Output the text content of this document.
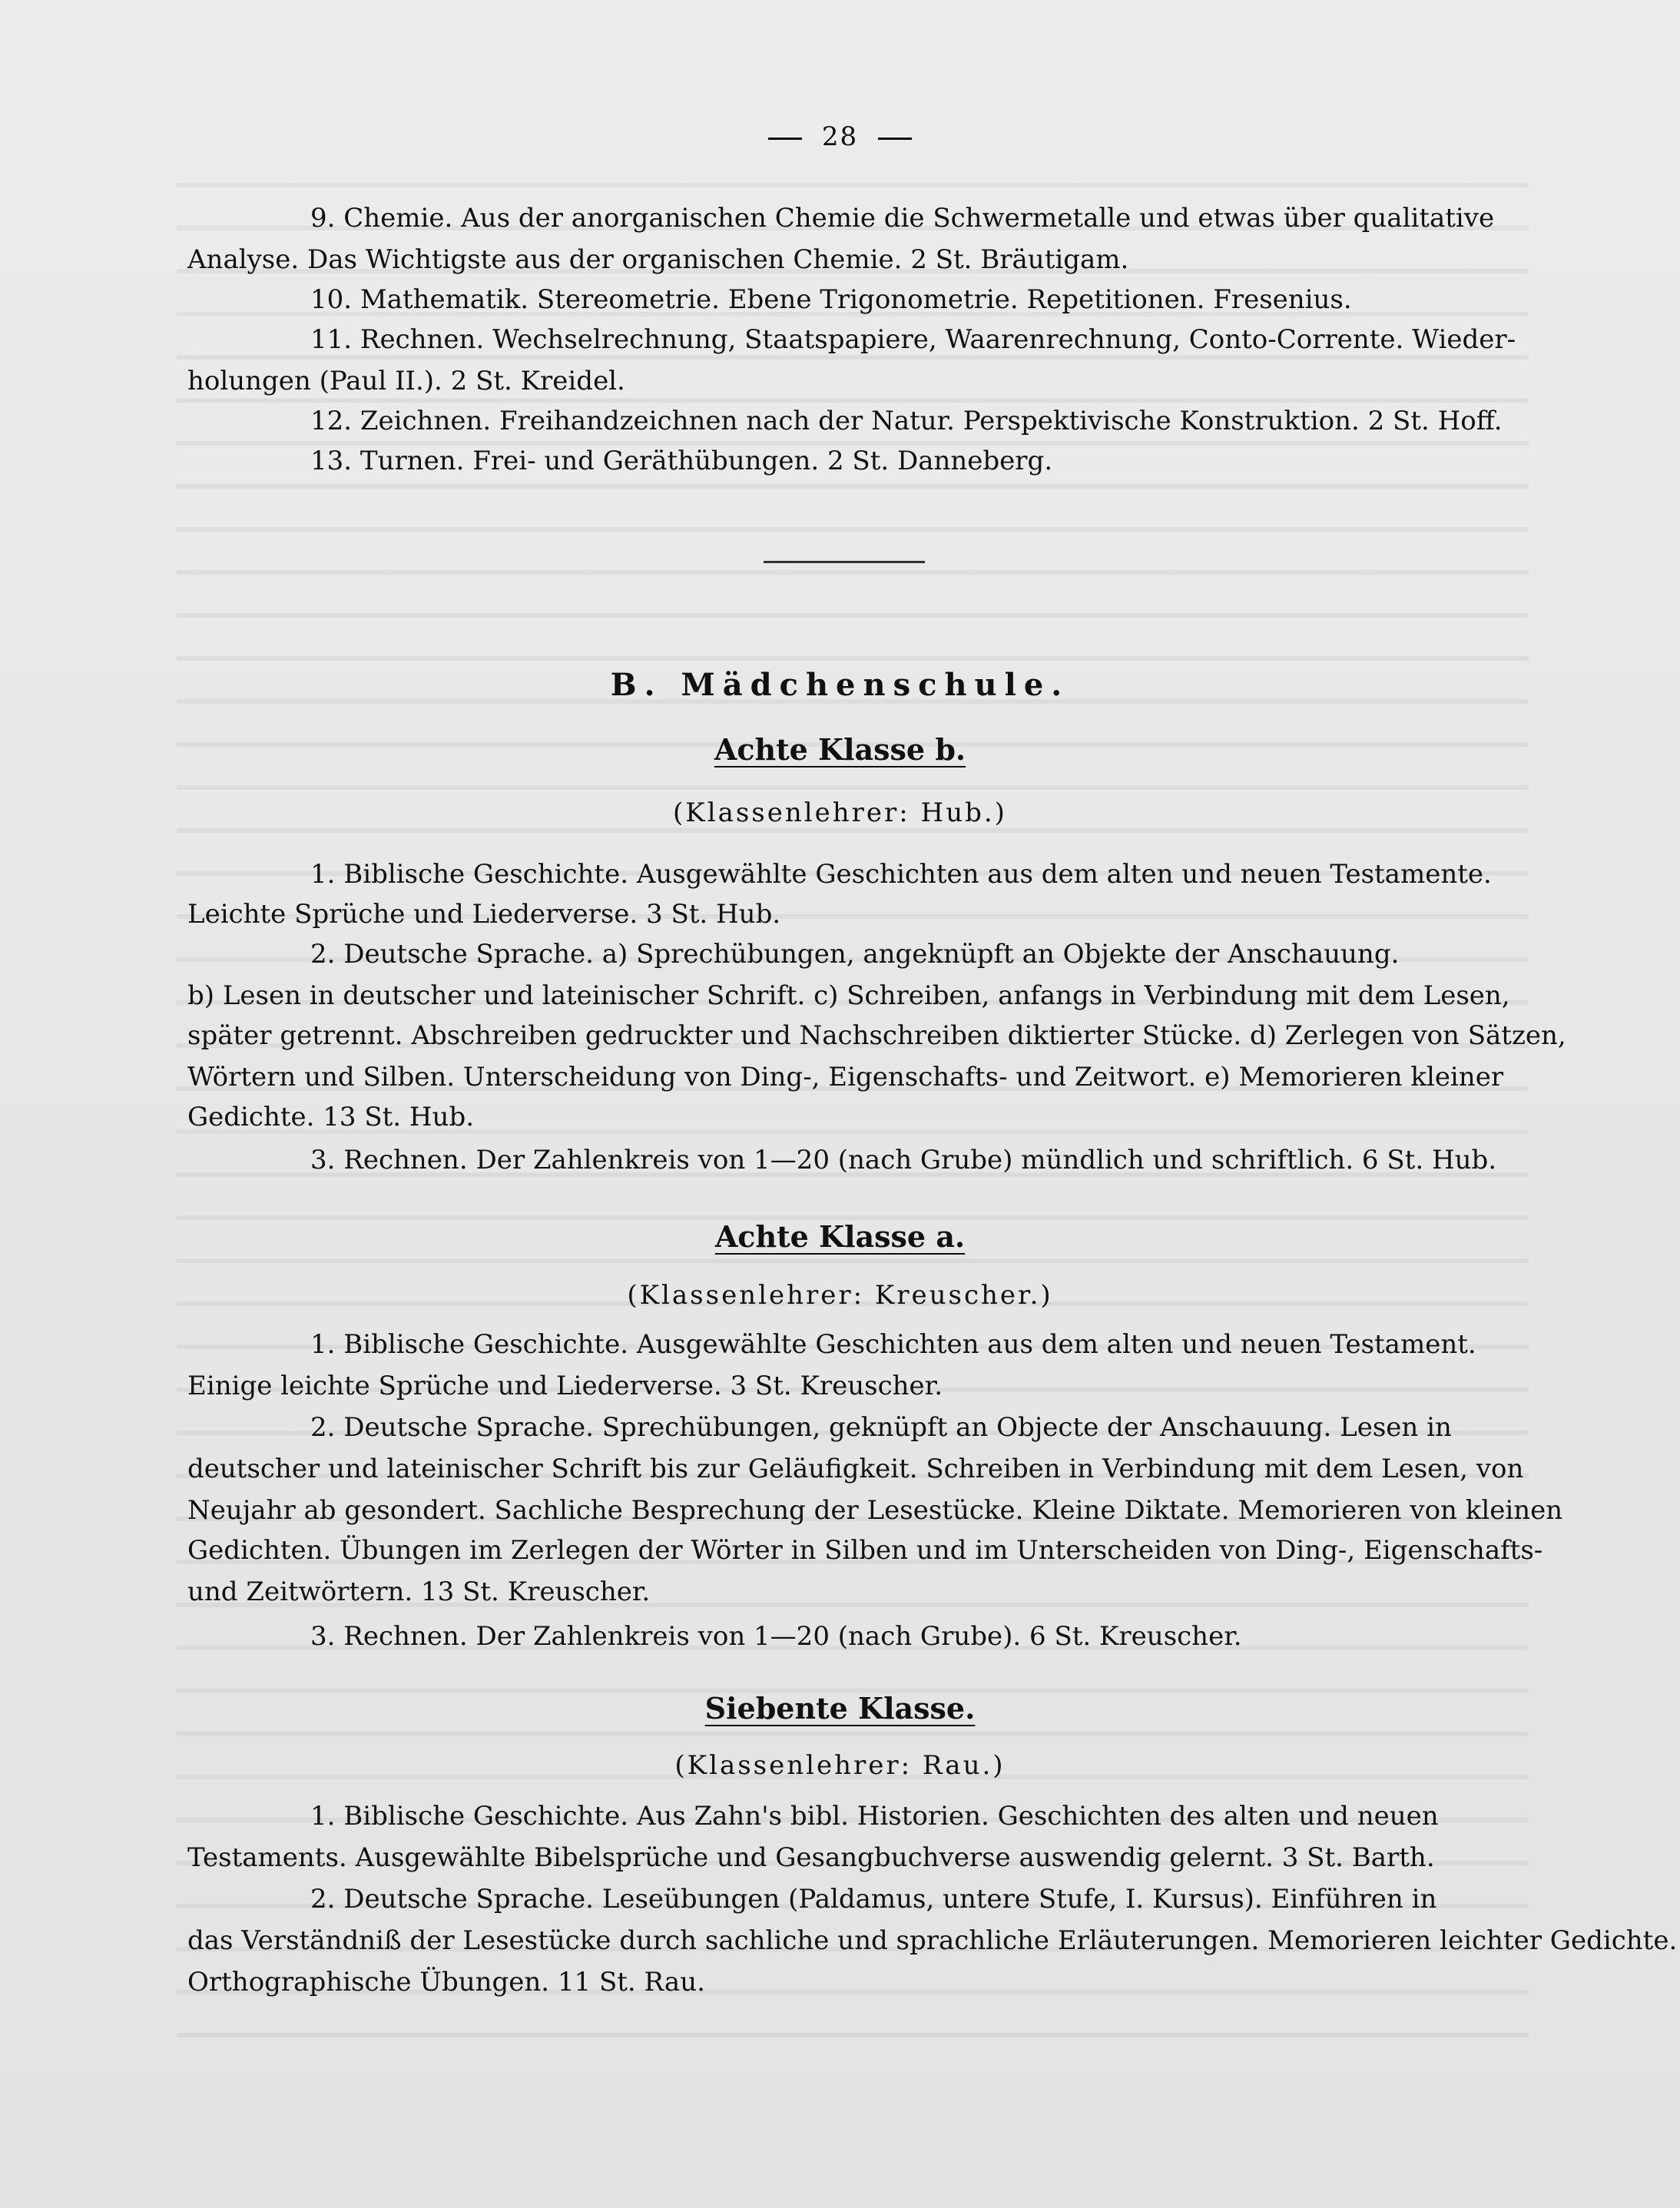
28
9. Chemie. Aus der anorganischen Chemie die Schwermetalle und etwas über qualitative
Analyse. Das Wichtigste aus der organischen Chemie. 2 St. Bräutigam.
10. Mathematik. Stereometrie. Ebene Trigonometrie. Repetitionen. Fresenius.
11. Rechnen. Wechselrechnung, Staatspapiere, Waarenrechnung, Conto-Corrente. Wieder-
holungen (Paul II.). 2 St. Kreidel.
12. Zeichnen. Freihandzeichnen nach der Natur. Perspektivische Konstruktion. 2 St. Hoff.
13. Turnen. Frei- und Geräthübungen. 2 St. Danneberg.
B. Mädchenschule.
Achte Klasse b.
(Klassenlehrer: Hub.)
1. Biblische Geschichte. Ausgewählte Geschichten aus dem alten und neuen Testamente.
Leichte Sprüche und Liederverse. 3 St. Hub.
2. Deutsche Sprache. a) Sprechübungen, angeknüpft an Objekte der Anschauung.
b) Lesen in deutscher und lateinischer Schrift. c) Schreiben, anfangs in Verbindung mit dem Lesen,
später getrennt. Abschreiben gedruckter und Nachschreiben diktierter Stücke. d) Zerlegen von Sätzen,
Wörtern und Silben. Unterscheidung von Ding-, Eigenschafts- und Zeitwort. e) Memorieren kleiner
Gedichte. 13 St. Hub.
3. Rechnen. Der Zahlenkreis von 1—20 (nach Grube) mündlich und schriftlich. 6 St. Hub.
Achte Klasse a.
(Klassenlehrer: Kreuscher.)
1. Biblische Geschichte. Ausgewählte Geschichten aus dem alten und neuen Testament.
Einige leichte Sprüche und Liederverse. 3 St. Kreuscher.
2. Deutsche Sprache. Sprechübungen, geknüpft an Objecte der Anschauung. Lesen in
deutscher und lateinischer Schrift bis zur Geläufigkeit. Schreiben in Verbindung mit dem Lesen, von
Neujahr ab gesondert. Sachliche Besprechung der Lesestücke. Kleine Diktate. Memorieren von kleinen
Gedichten. Übungen im Zerlegen der Wörter in Silben und im Unterscheiden von Ding-, Eigenschafts-
und Zeitwörtern. 13 St. Kreuscher.
3. Rechnen. Der Zahlenkreis von 1—20 (nach Grube). 6 St. Kreuscher.
Siebente Klasse.
(Klassenlehrer: Rau.)
1. Biblische Geschichte. Aus Zahn's bibl. Historien. Geschichten des alten und neuen
Testaments. Ausgewählte Bibelsprüche und Gesangbuchverse auswendig gelernt. 3 St. Barth.
2. Deutsche Sprache. Leseübungen (Paldamus, untere Stufe, I. Kursus). Einführen in
das Verständniß der Lesestücke durch sachliche und sprachliche Erläuterungen. Memorieren leichter Gedichte.
Orthographische Übungen. 11 St. Rau.
